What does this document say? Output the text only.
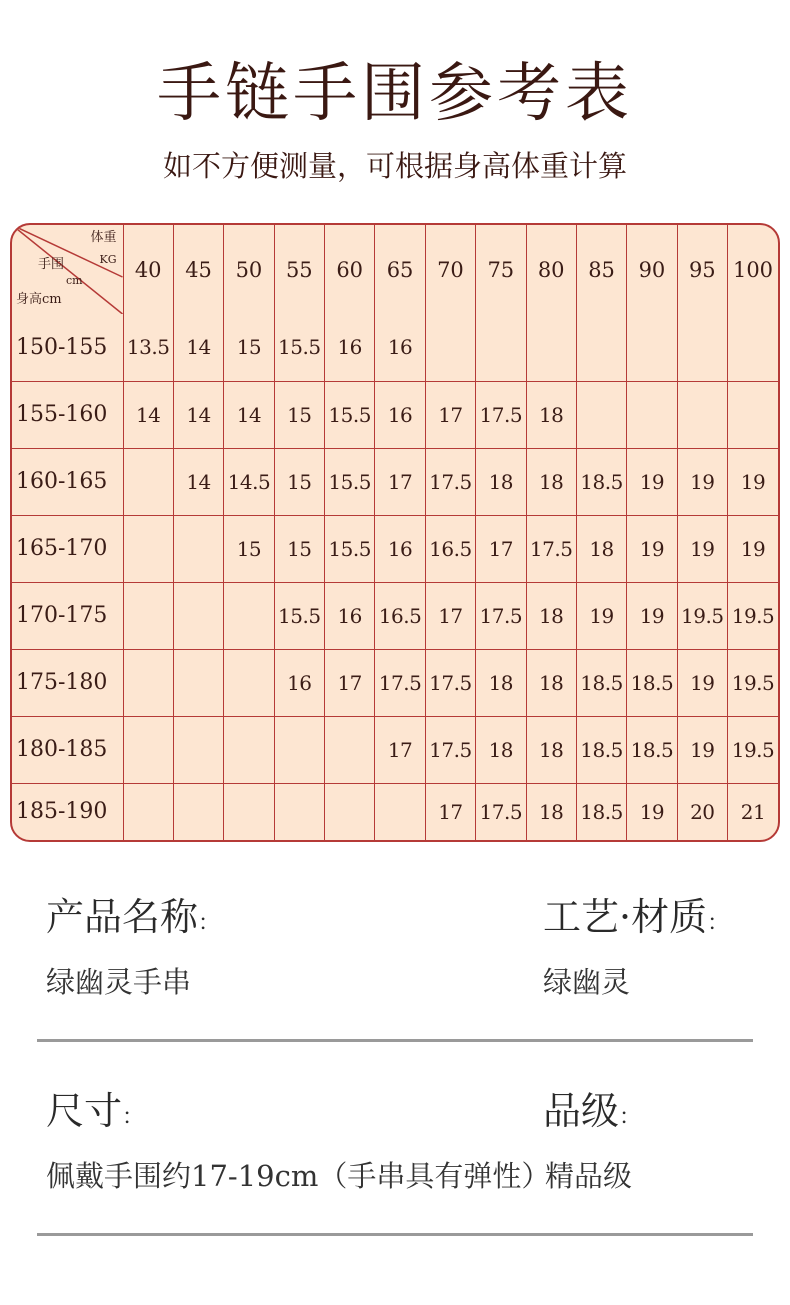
手链手围参考表
如不方便测量，可根据身高体重计算
体重
KG
手围
cm
身高cm	40	45	50	55	60	65	70	75	80	85	90	95	100
150-155	13.5	14	15	15.5	16	16							
155-160	14	14	14	15	15.5	16	17	17.5	18				
160-165		14	14.5	15	15.5	17	17.5	18	18	18.5	19	19	19
165-170			15	15	15.5	16	16.5	17	17.5	18	19	19	19
170-175				15.5	16	16.5	17	17.5	18	19	19	19.5	19.5
175-180				16	17	17.5	17.5	18	18	18.5	18.5	19	19.5
180-185						17	17.5	18	18	18.5	18.5	19	19.5
185-190							17	17.5	18	18.5	19	20	21
产品名称：
绿幽灵手串
工艺·材质：
绿幽灵
尺寸：
佩戴手围约17-19cm（手串具有弹性）
品级：
精品级
